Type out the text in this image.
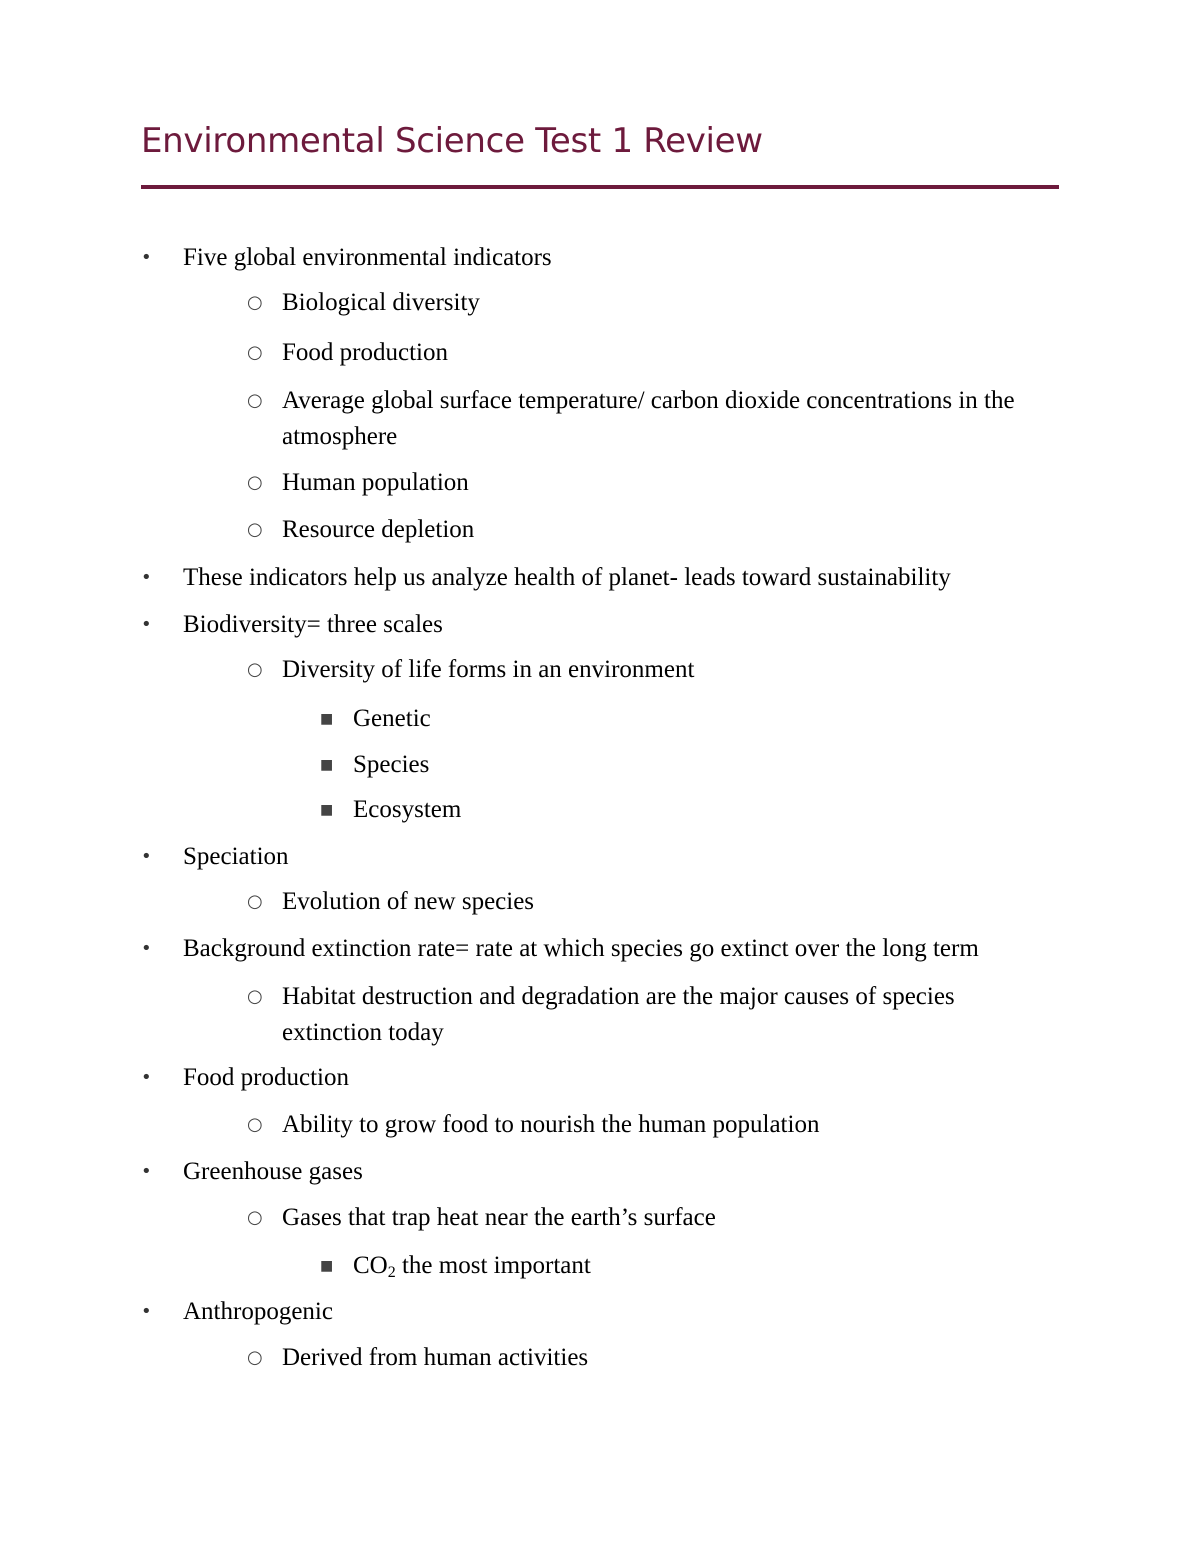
Environmental Science Test 1 Review
• Five global environmental indicators
○ Biological diversity
○ Food production
○ Average global surface temperature/ carbon dioxide concentrations in the atmosphere
○ Human population
○ Resource depletion
• These indicators help us analyze health of planet- leads toward sustainability
• Biodiversity= three scales
○ Diversity of life forms in an environment
■ Genetic
■ Species
■ Ecosystem
• Speciation
○ Evolution of new species
• Background extinction rate= rate at which species go extinct over the long term
○ Habitat destruction and degradation are the major causes of species extinction today
• Food production
○ Ability to grow food to nourish the human population
• Greenhouse gases
○ Gases that trap heat near the earth’s surface
■ $CO_2$ the most important
• Anthropogenic
○ Derived from human activities
